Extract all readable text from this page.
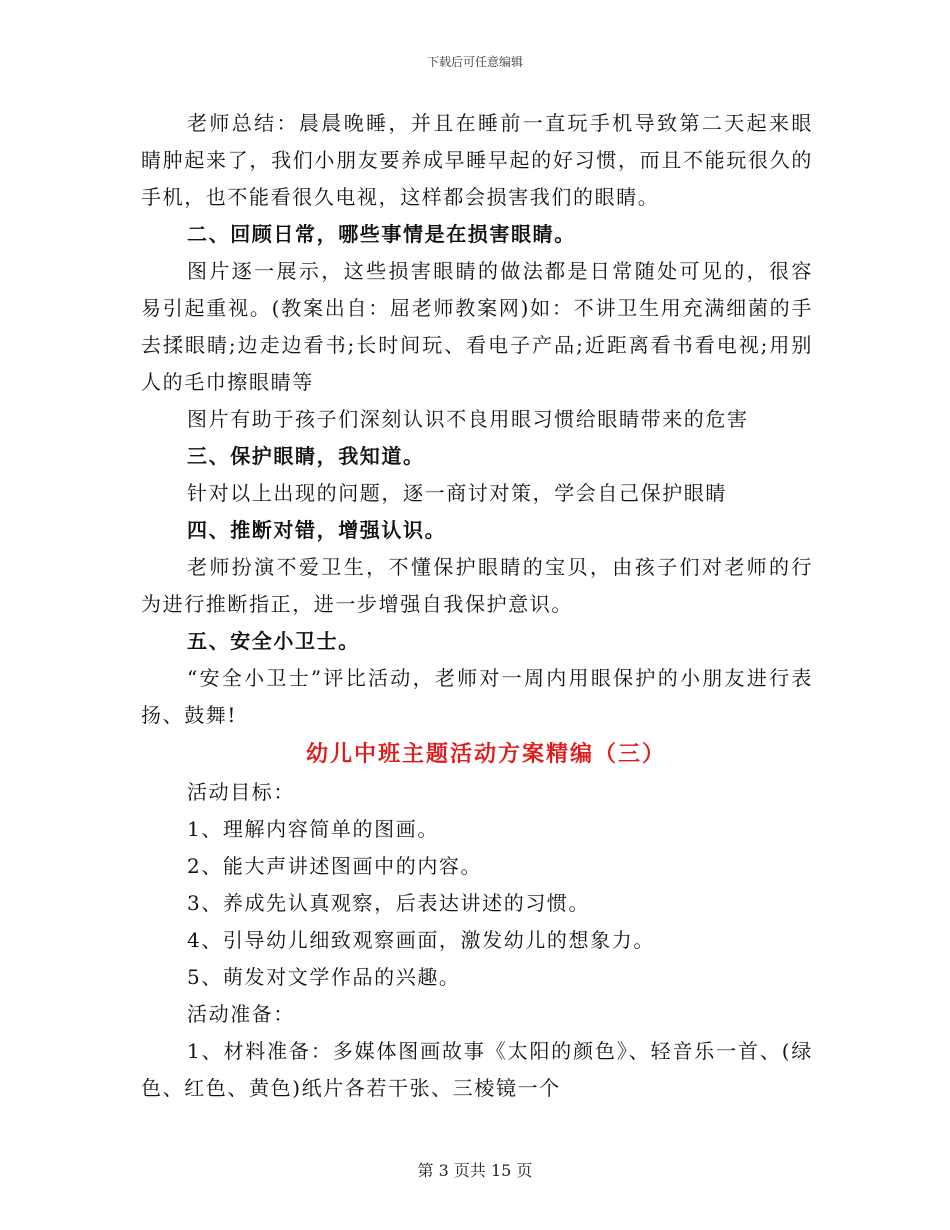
下载后可任意编辑

老师总结：晨晨晚睡，并且在睡前一直玩手机导致第二天起来眼睛肿起来了，我们小朋友要养成早睡早起的好习惯，而且不能玩很久的手机，也不能看很久电视，这样都会损害我们的眼睛。

二、回顾日常，哪些事情是在损害眼睛。

图片逐一展示，这些损害眼睛的做法都是日常随处可见的，很容易引起重视。(教案出自：屈老师教案网)如：不讲卫生用充满细菌的手去揉眼睛;边走边看书;长时间玩、看电子产品;近距离看书看电视;用别人的毛巾擦眼睛等

图片有助于孩子们深刻认识不良用眼习惯给眼睛带来的危害

三、保护眼睛，我知道。

针对以上出现的问题，逐一商讨对策，学会自己保护眼睛

四、推断对错，增强认识。

老师扮演不爱卫生，不懂保护眼睛的宝贝，由孩子们对老师的行为进行推断指正，进一步增强自我保护意识。

五、安全小卫士。

“安全小卫士”评比活动，老师对一周内用眼保护的小朋友进行表扬、鼓舞!

幼儿中班主题活动方案精编（三）

活动目标：

1、理解内容简单的图画。

2、能大声讲述图画中的内容。

3、养成先认真观察，后表达讲述的习惯。

4、引导幼儿细致观察画面，激发幼儿的想象力。

5、萌发对文学作品的兴趣。

活动准备：

1、材料准备：多媒体图画故事《太阳的颜色》、轻音乐一首、(绿色、红色、黄色)纸片各若干张、三棱镜一个

第 3 页共 15 页
